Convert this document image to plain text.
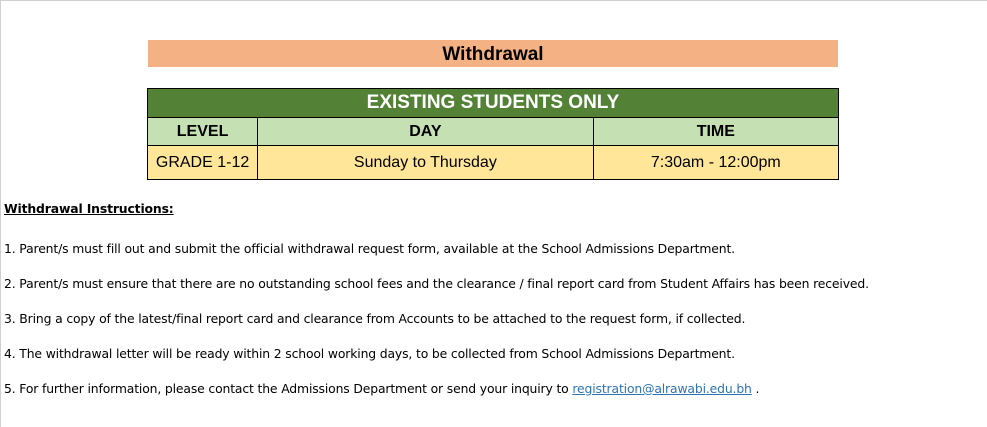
Withdrawal
EXISTING STUDENTS ONLY		
LEVEL	DAY	TIME
GRADE 1-12	Sunday to Thursday	7:30am - 12:00pm
Withdrawal Instructions:
1. Parent/s must fill out and submit the official withdrawal request form, available at the School Admissions Department.
2. Parent/s must ensure that there are no outstanding school fees and the clearance / final report card from Student Affairs has been received.
3. Bring a copy of the latest/final report card and clearance from Accounts to be attached to the request form, if collected.
4. The withdrawal letter will be ready within 2 school working days, to be collected from School Admissions Department.
5. For further information, please contact the Admissions Department or send your inquiry to registration@alrawabi.edu.bh .
